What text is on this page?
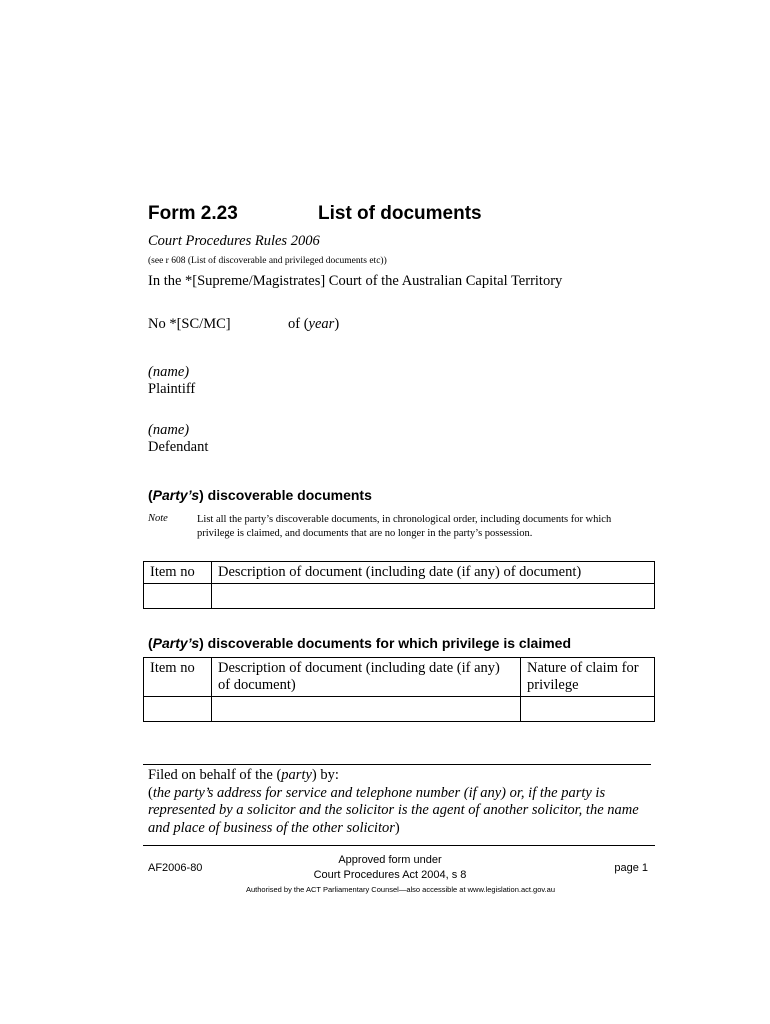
Form 2.23	List of documents
Court Procedures Rules 2006
(see r 608 (List of discoverable and privileged documents etc))
In the *[Supreme/Magistrates] Court of the Australian Capital Territory
No *[SC/MC]	of (year)
(name)
Plaintiff
(name)
Defendant
(Party’s) discoverable documents
Note	List all the party’s discoverable documents, in chronological order, including documents for which privilege is claimed, and documents that are no longer in the party’s possession.
Item no	Description of document (including date (if any) of document)

(Party’s) discoverable documents for which privilege is claimed
Item no	Description of document (including date (if any) of document)	Nature of claim for privilege

Filed on behalf of the (party) by:
(the party’s address for service and telephone number (if any) or, if the party is represented by a solicitor and the solicitor is the agent of another solicitor, the name and place of business of the other solicitor)
AF2006-80
Approved form under
Court Procedures Act 2004, s 8
page 1
Authorised by the ACT Parliamentary Counsel—also accessible at www.legislation.act.gov.au
